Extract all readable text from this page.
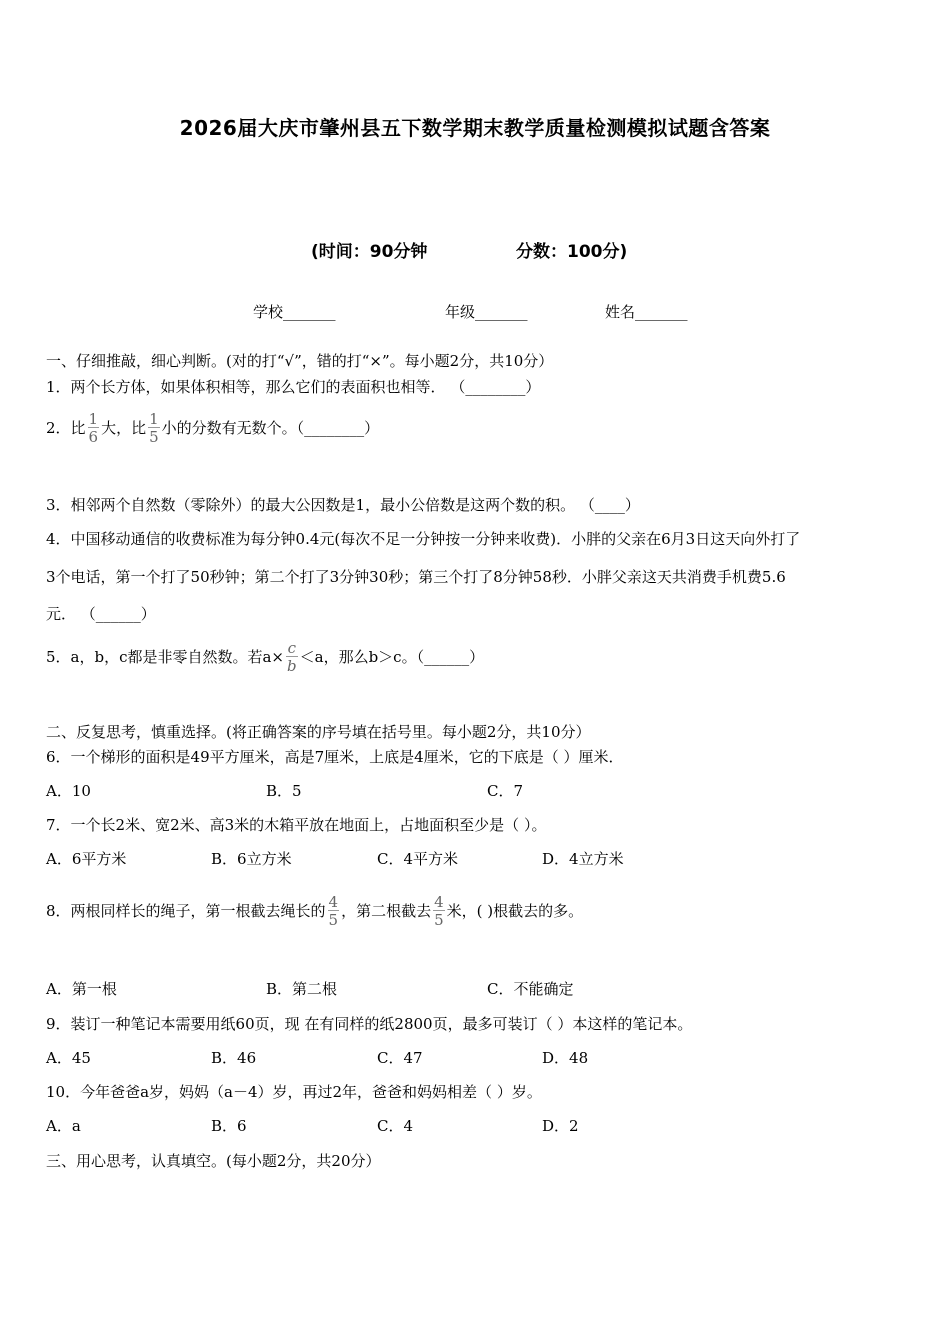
2026届大庆市肇州县五下数学期末教学质量检测模拟试题含答案
(时间：90分钟	分数：100分)
学校_______	年级_______	姓名_______
一、仔细推敲，细心判断。(对的打“√”，错的打“×”。每小题2分，共10分）
1．两个长方体，如果体积相等，那么它们的表面积也相等． （________）
2．比 $\frac{1}{6}$ 大，比 $\frac{1}{5}$ 小的分数有无数个。（________）
3．相邻两个自然数（零除外）的最大公因数是1，最小公倍数是这两个数的积。 （____）
4．中国移动通信的收费标准为每分钟0.4元(每次不足一分钟按一分钟来收费)．小胖的父亲在6月3日这天向外打了
3个电话，第一个打了50秒钟；第二个打了3分钟30秒；第三个打了8分钟58秒．小胖父亲这天共消费手机费5.6
元． （______）
5．a，b，c都是非零自然数。若$a\times \frac{c}{b} <a$，那么b＞c。（______）
二、反复思考，慎重选择。(将正确答案的序号填在括号里。每小题2分，共10分）
6．一个梯形的面积是49平方厘米，高是7厘米，上底是4厘米，它的下底是（ ）厘米．
A．10	B．5	C．7
7．一个长2米、宽2米、高3米的木箱平放在地面上，占地面积至少是（ ）。
A．6平方米	B．6立方米	C．4平方米	D．4立方米
8．两根同样长的绳子，第一根截去绳长的 $\frac{4}{5}$ ，第二根截去 $\frac{4}{5}$ 米，( )根截去的多。
A．第一根	B．第二根	C．不能确定
9．装订一种笔记本需要用纸60页，现 在有同样的纸2800页，最多可装订（ ）本这样的笔记本。
A．45	B．46	C．47	D．48
10．今年爸爸a岁，妈妈（a－4）岁，再过2年，爸爸和妈妈相差（ ）岁。
A．a	B．6	C．4	D．2
三、用心思考，认真填空。(每小题2分，共20分）
